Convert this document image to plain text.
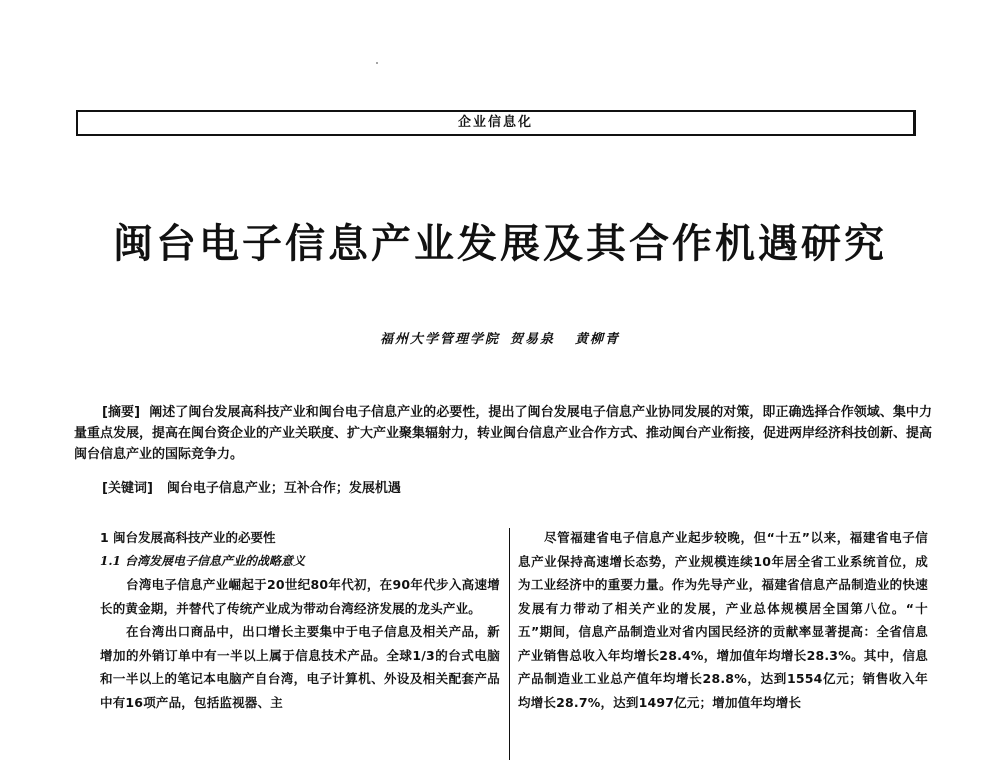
企业信息化
闽台电子信息产业发展及其合作机遇研究
福州大学管理学院 贺易泉 黄柳青

[摘要] 阐述了闽台发展高科技产业和闽台电子信息产业的必要性，提出了闽台发展电子信息产业协同发展的对策，即正确选择合作领域、集中力量重点发展，提高在闽台资企业的产业关联度、扩大产业聚集辐射力，转业闽台信息产业合作方式、推动闽台产业衔接，促进两岸经济科技创新、提高闽台信息产业的国际竞争力。

[关键词] 闽台电子信息产业；互补合作；发展机遇

1 闽台发展高科技产业的必要性

1.1 台湾发展电子信息产业的战略意义

台湾电子信息产业崛起于20世纪80年代初，在90年代步入高速增长的黄金期，并替代了传统产业成为带动台湾经济发展的龙头产业。

在台湾出口商品中，出口增长主要集中于电子信息及相关产品，新增加的外销订单中有一半以上属于信息技术产品。全球1/3的台式电脑和一半以上的笔记本电脑产自台湾，电子计算机、外设及相关配套产品中有16项产品，包括监视器、主

尽管福建省电子信息产业起步较晚，但“十五”以来，福建省电子信息产业保持高速增长态势，产业规模连续10年居全省工业系统首位，成为工业经济中的重要力量。作为先导产业，福建省信息产品制造业的快速发展有力带动了相关产业的发展，产业总体规模居全国第八位。“十五”期间，信息产品制造业对省内国民经济的贡献率显著提高：全省信息产业销售总收入年均增长28.4%，增加值年均增长28.3%。其中，信息产品制造业工业总产值年均增长28.8%，达到1554亿元；销售收入年均增长28.7%，达到1497亿元；增加值年均增长
